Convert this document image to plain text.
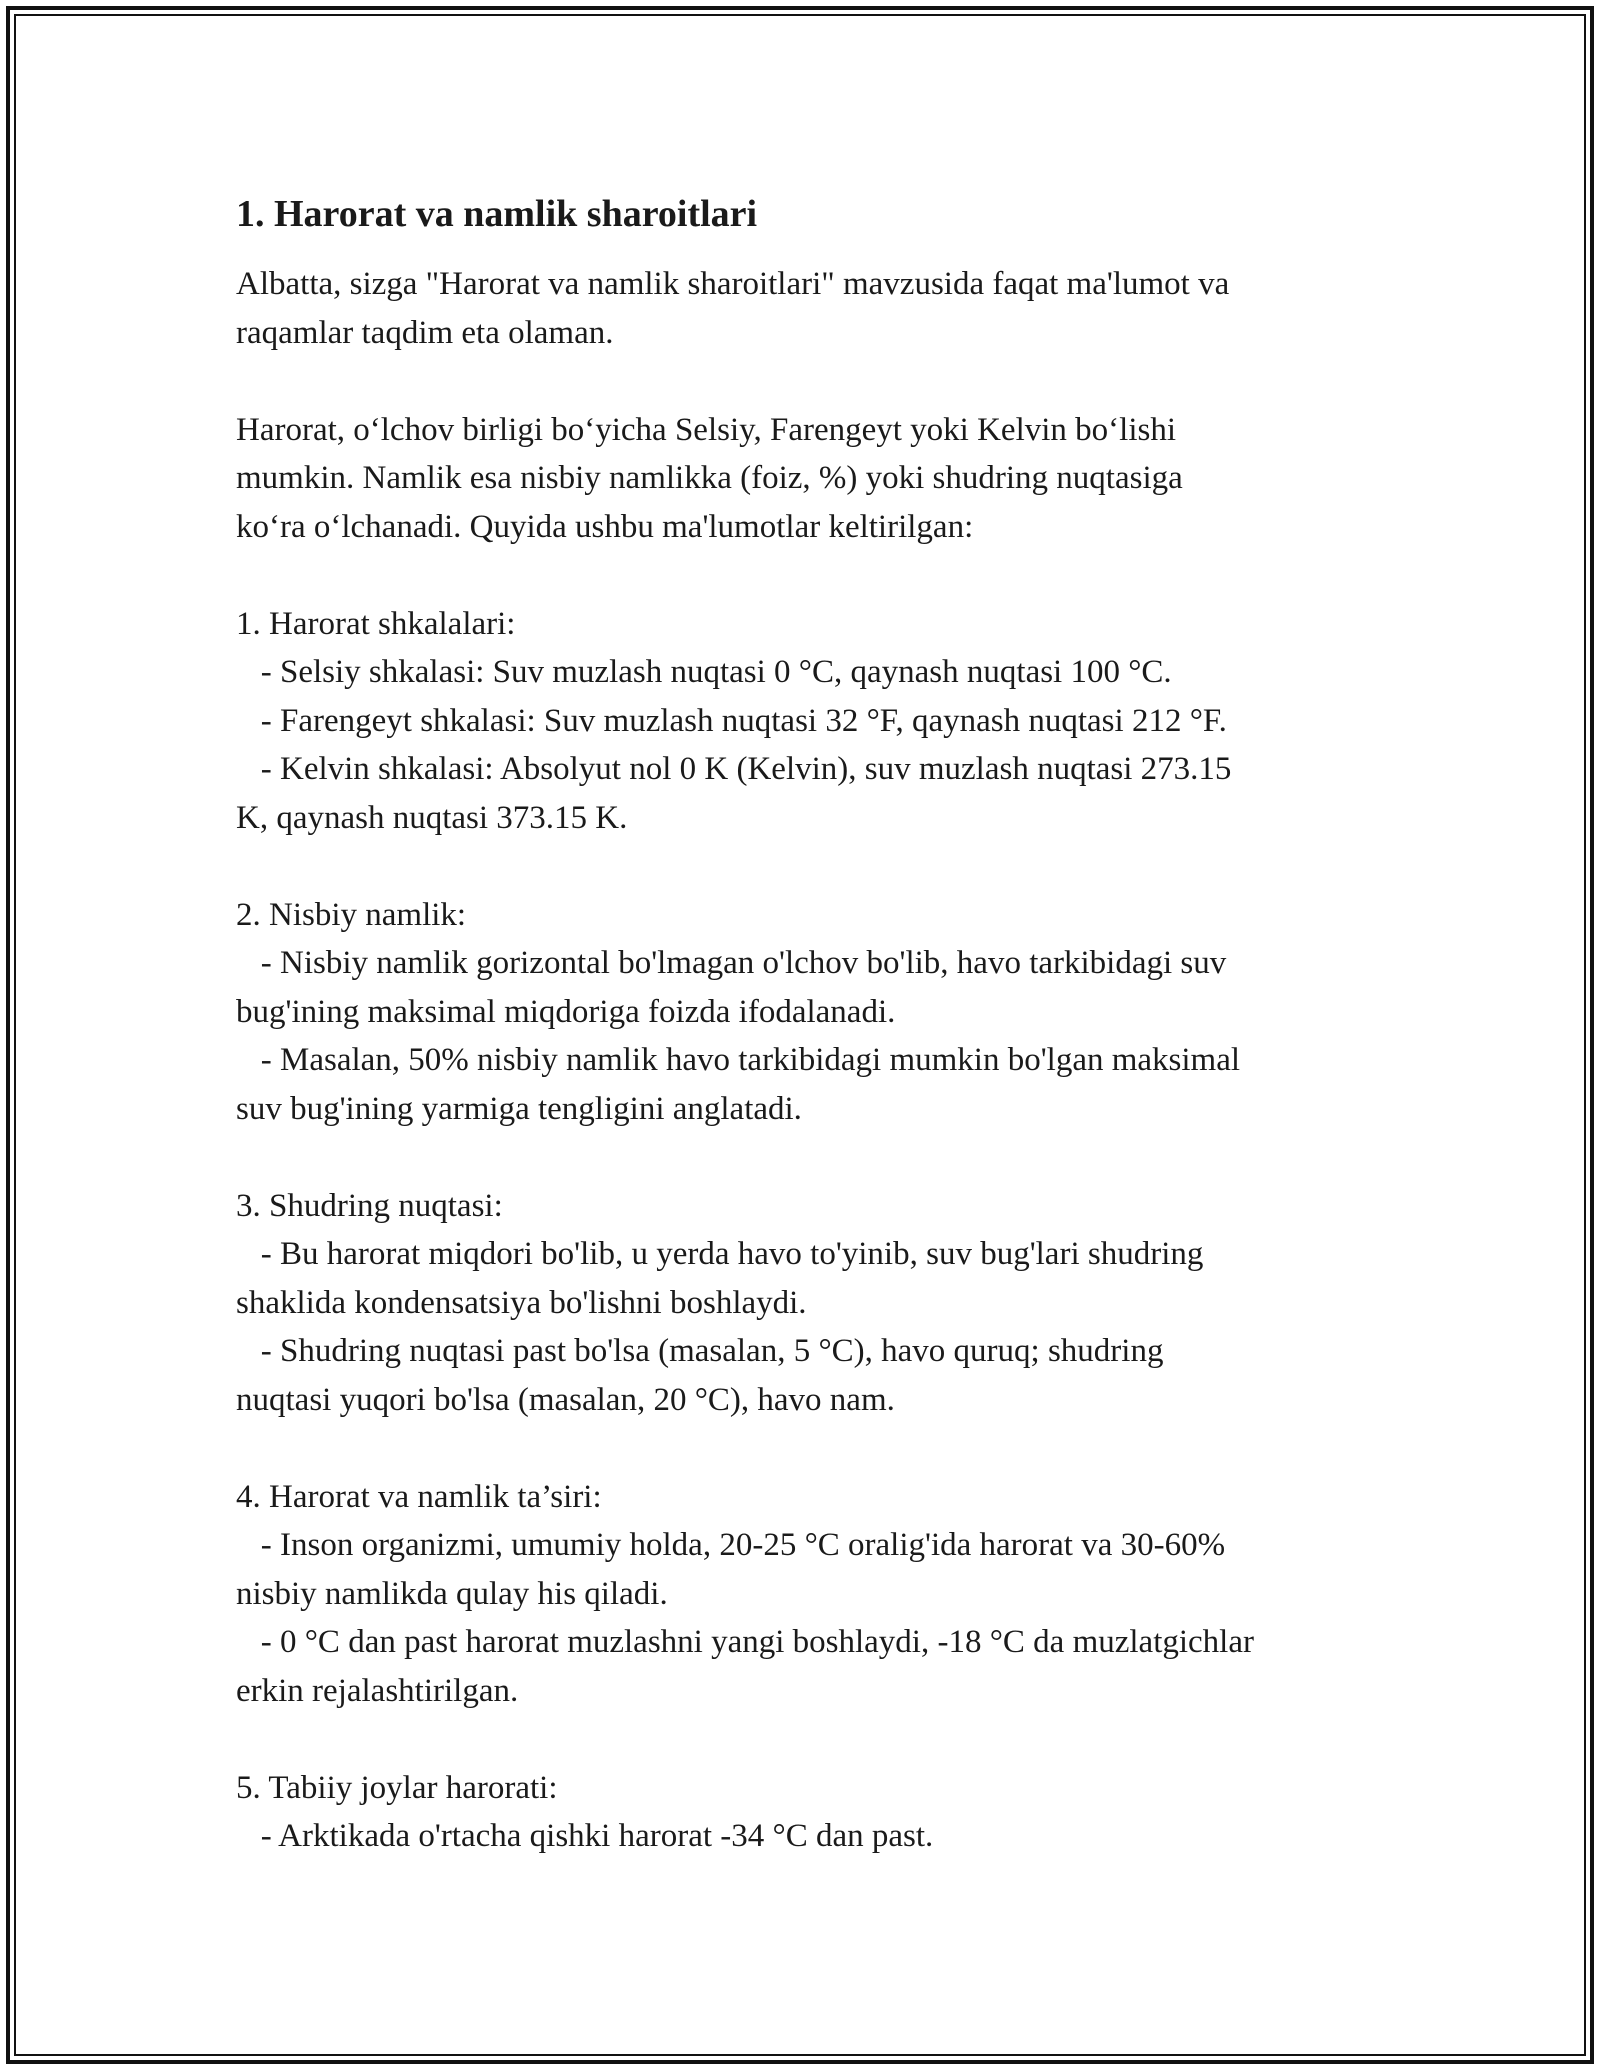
1. Harorat va namlik sharoitlari

Albatta, sizga "Harorat va namlik sharoitlari" mavzusida faqat ma'lumot va
raqamlar taqdim eta olaman.

Harorat, o‘lchov birligi bo‘yicha Selsiy, Farengeyt yoki Kelvin bo‘lishi
mumkin. Namlik esa nisbiy namlikka (foiz, %) yoki shudring nuqtasiga
ko‘ra o‘lchanadi. Quyida ushbu ma'lumotlar keltirilgan:

1. Harorat shkalalari:
- Selsiy shkalasi: Suv muzlash nuqtasi 0 °C, qaynash nuqtasi 100 °C.
- Farengeyt shkalasi: Suv muzlash nuqtasi 32 °F, qaynash nuqtasi 212 °F.
- Kelvin shkalasi: Absolyut nol 0 K (Kelvin), suv muzlash nuqtasi 273.15
K, qaynash nuqtasi 373.15 K.

2. Nisbiy namlik:
- Nisbiy namlik gorizontal bo'lmagan o'lchov bo'lib, havo tarkibidagi suv
bug'ining maksimal miqdoriga foizda ifodalanadi.
- Masalan, 50% nisbiy namlik havo tarkibidagi mumkin bo'lgan maksimal
suv bug'ining yarmiga tengligini anglatadi.

3. Shudring nuqtasi:
- Bu harorat miqdori bo'lib, u yerda havo to'yinib, suv bug'lari shudring
shaklida kondensatsiya bo'lishni boshlaydi.
- Shudring nuqtasi past bo'lsa (masalan, 5 °C), havo quruq; shudring
nuqtasi yuqori bo'lsa (masalan, 20 °C), havo nam.

4. Harorat va namlik ta’siri:
- Inson organizmi, umumiy holda, 20-25 °C oralig'ida harorat va 30-60%
nisbiy namlikda qulay his qiladi.
- 0 °C dan past harorat muzlashni yangi boshlaydi, -18 °C da muzlatgichlar
erkin rejalashtirilgan.

5. Tabiiy joylar harorati:
- Arktikada o'rtacha qishki harorat -34 °C dan past.
